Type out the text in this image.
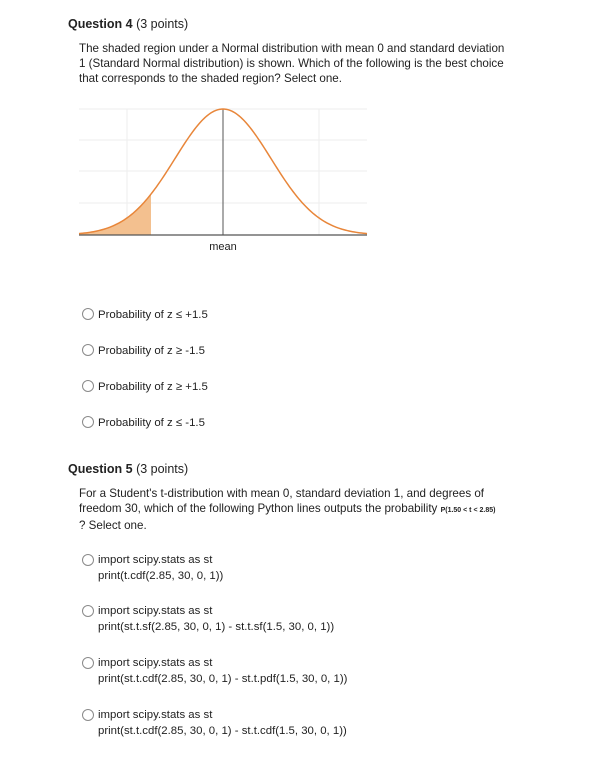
Question 4 (3 points)
The shaded region under a Normal distribution with mean 0 and standard deviation
1 (Standard Normal distribution) is shown. Which of the following is the best choice
that corresponds to the shaded region? Select one.
mean
Probability of z ≤ +1.5
Probability of z ≥ -1.5
Probability of z ≥ +1.5
Probability of z ≤ -1.5
Question 5 (3 points)
For a Student's t-distribution with mean 0, standard deviation 1, and degrees of
freedom 30, which of the following Python lines outputs the probability P(1.50 < t < 2.85)
? Select one.
import scipy.stats as st
print(t.cdf(2.85, 30, 0, 1))
import scipy.stats as st
print(st.t.sf(2.85, 30, 0, 1) - st.t.sf(1.5, 30, 0, 1))
import scipy.stats as st
print(st.t.cdf(2.85, 30, 0, 1) - st.t.pdf(1.5, 30, 0, 1))
import scipy.stats as st
print(st.t.cdf(2.85, 30, 0, 1) - st.t.cdf(1.5, 30, 0, 1))
